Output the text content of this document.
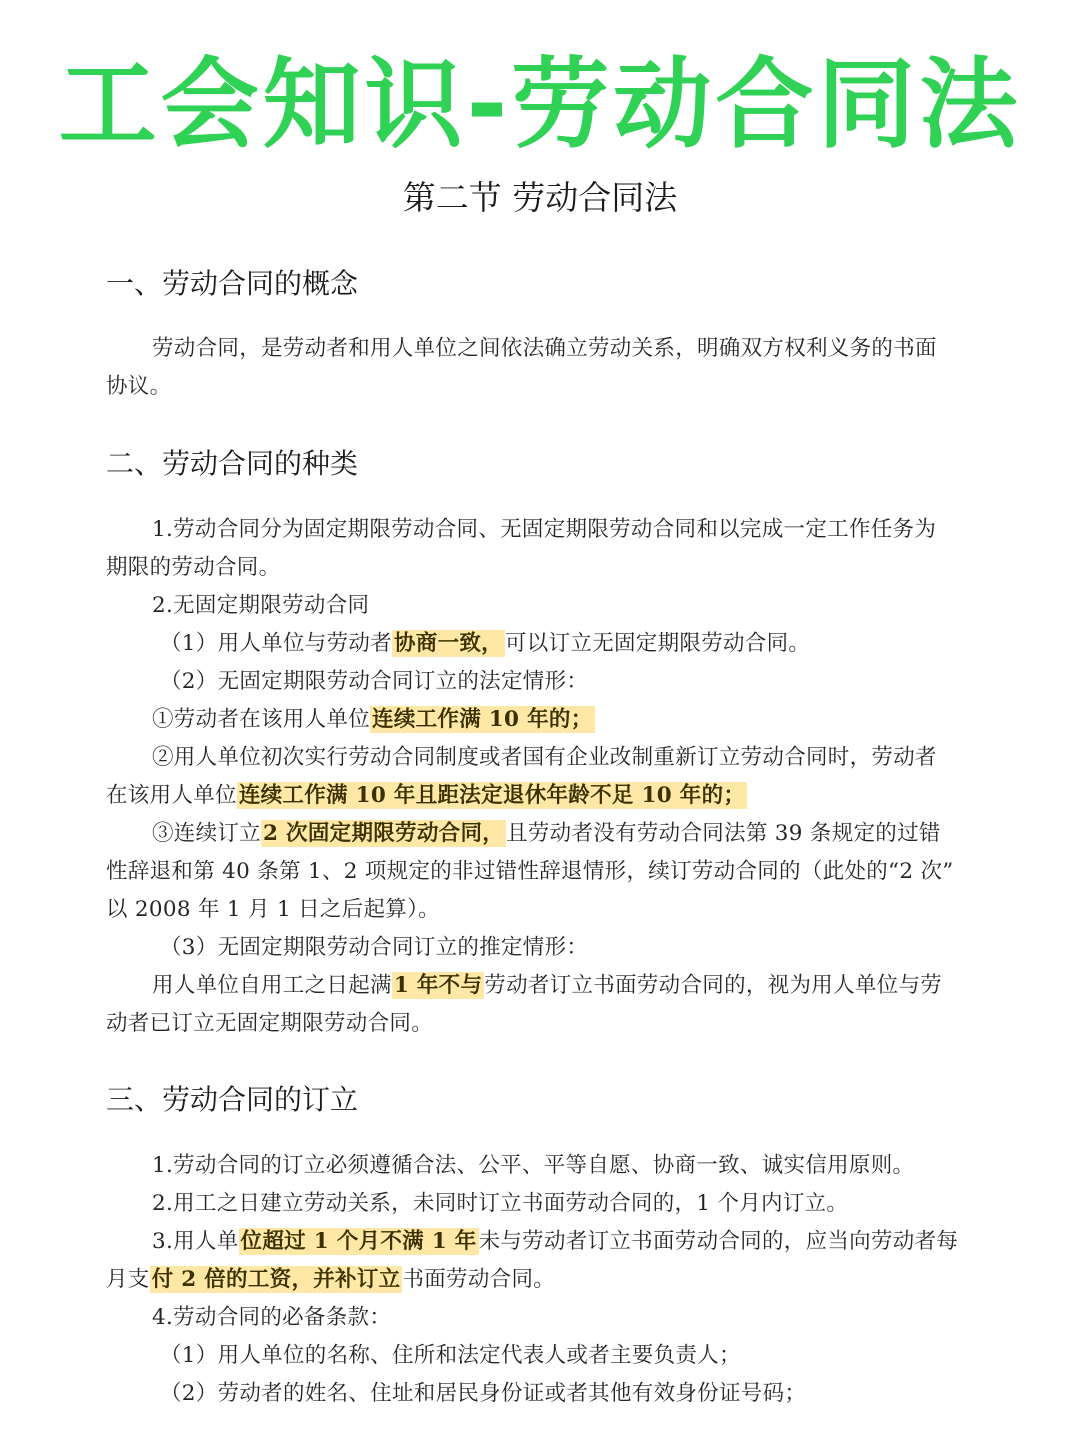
工会知识-劳动合同法
第二节 劳动合同法
一、劳动合同的概念
劳动合同，是劳动者和用人单位之间依法确立劳动关系，明确双方权利义务的书面
协议。
二、劳动合同的种类
1.劳动合同分为固定期限劳动合同、无固定期限劳动合同和以完成一定工作任务为
期限的劳动合同。
2.无固定期限劳动合同
（1）用人单位与劳动者协商一致，可以订立无固定期限劳动合同。
（2）无固定期限劳动合同订立的法定情形：
①劳动者在该用人单位连续工作满 10 年的；
②用人单位初次实行劳动合同制度或者国有企业改制重新订立劳动合同时，劳动者
在该用人单位连续工作满 10 年且距法定退休年龄不足 10 年的；
③连续订立2 次固定期限劳动合同，且劳动者没有劳动合同法第 39 条规定的过错
性辞退和第 40 条第 1、2 项规定的非过错性辞退情形，续订劳动合同的（此处的“2 次”
以 2008 年 1 月 1 日之后起算）。
（3）无固定期限劳动合同订立的推定情形：
用人单位自用工之日起满1 年不与劳动者订立书面劳动合同的，视为用人单位与劳
动者已订立无固定期限劳动合同。
三、劳动合同的订立
1.劳动合同的订立必须遵循合法、公平、平等自愿、协商一致、诚实信用原则。
2.用工之日建立劳动关系，未同时订立书面劳动合同的，1 个月内订立。
3.用人单位超过 1 个月不满 1 年未与劳动者订立书面劳动合同的，应当向劳动者每
月支付 2 倍的工资，并补订立书面劳动合同。
4.劳动合同的必备条款：
（1）用人单位的名称、住所和法定代表人或者主要负责人；
（2）劳动者的姓名、住址和居民身份证或者其他有效身份证号码；
